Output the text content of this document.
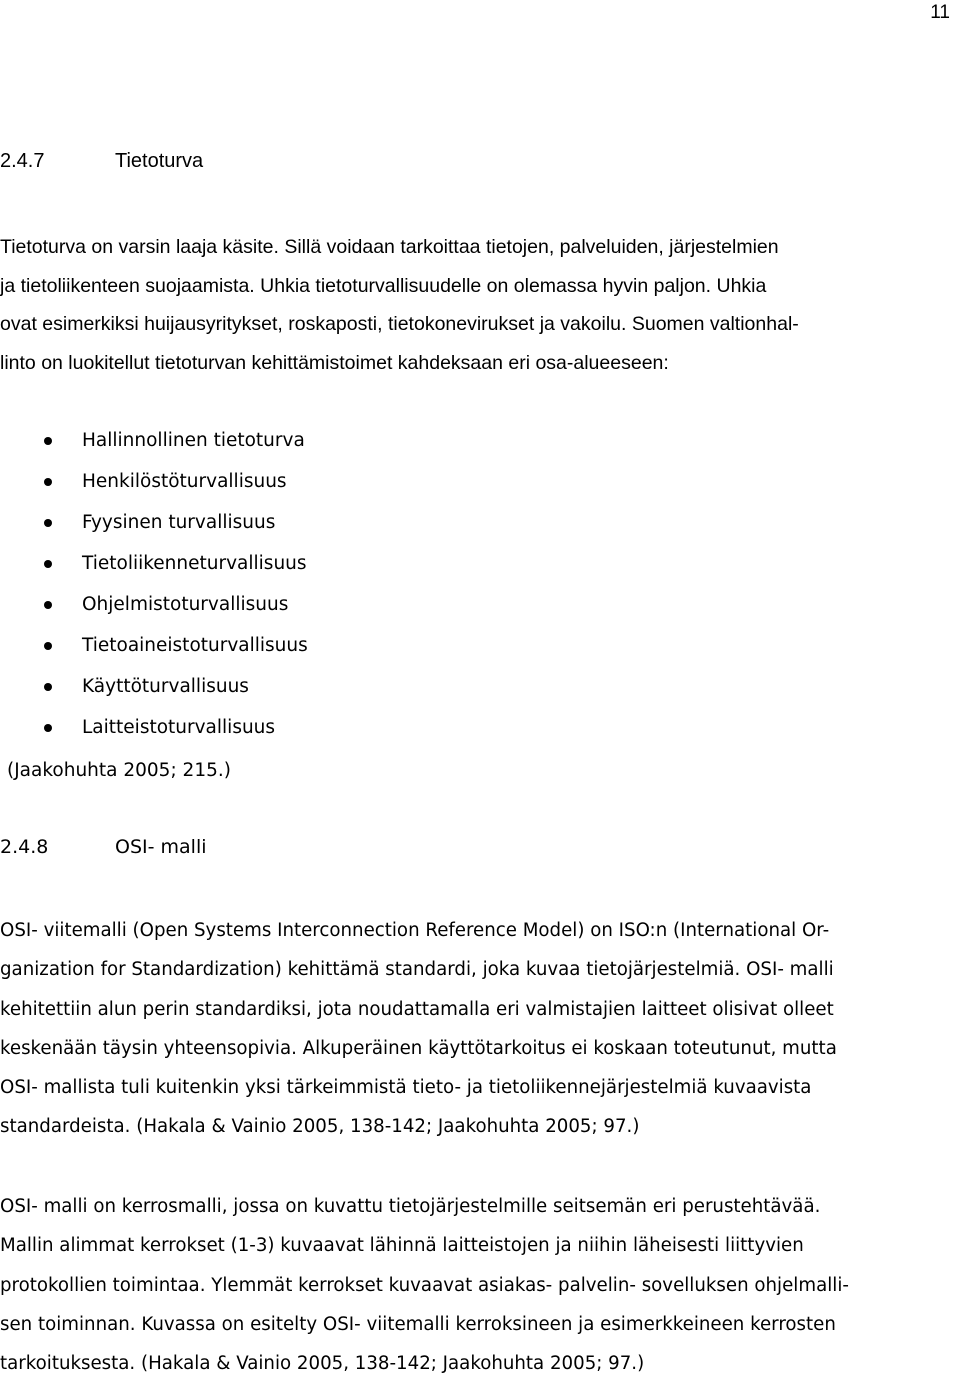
11
2.4.7	Tietoturva
Tietoturva on varsin laaja käsite. Sillä voidaan tarkoittaa tietojen, palveluiden, järjestelmien
ja tietoliikenteen suojaamista. Uhkia tietoturvallisuudelle on olemassa hyvin paljon. Uhkia
ovat esimerkiksi huijausyritykset, roskaposti, tietokonevirukset ja vakoilu. Suomen valtionhal-
linto on luokitellut tietoturvan kehittämistoimet kahdeksaan eri osa-alueeseen:
Hallinnollinen tietoturva
Henkilöstöturvallisuus
Fyysinen turvallisuus
Tietoliikenneturvallisuus
Ohjelmistoturvallisuus
Tietoaineistoturvallisuus
Käyttöturvallisuus
Laitteistoturvallisuus
(Jaakohuhta 2005; 215.)
2.4.8	OSI- malli
OSI- viitemalli (Open Systems Interconnection Reference Model) on ISO:n (International Or-
ganization for Standardization) kehittämä standardi, joka kuvaa tietojärjestelmiä. OSI- malli
kehitettiin alun perin standardiksi, jota noudattamalla eri valmistajien laitteet olisivat olleet
keskenään täysin yhteensopivia. Alkuperäinen käyttötarkoitus ei koskaan toteutunut, mutta
OSI- mallista tuli kuitenkin yksi tärkeimmistä tieto- ja tietoliikennejärjestelmiä kuvaavista
standardeista. (Hakala & Vainio 2005, 138-142; Jaakohuhta 2005; 97.)
OSI- malli on kerrosmalli, jossa on kuvattu tietojärjestelmille seitsemän eri perustehtävää.
Mallin alimmat kerrokset (1-3) kuvaavat lähinnä laitteistojen ja niihin läheisesti liittyvien
protokollien toimintaa. Ylemmät kerrokset kuvaavat asiakas- palvelin- sovelluksen ohjelmalli-
sen toiminnan. Kuvassa on esitelty OSI- viitemalli kerroksineen ja esimerkkeineen kerrosten
tarkoituksesta. (Hakala & Vainio 2005, 138-142; Jaakohuhta 2005; 97.)
